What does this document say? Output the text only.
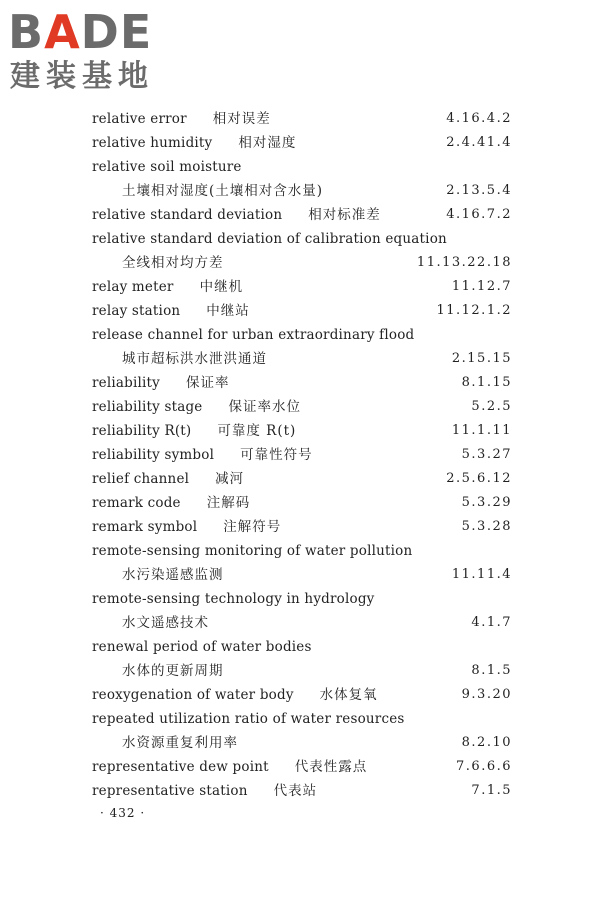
BADE
建装基地
relative error 相对误差	4.16.4.2
relative humidity 相对湿度	2.4.41.4
relative soil moisture
土壤相对湿度(土壤相对含水量)	2.13.5.4
relative standard deviation 相对标准差	4.16.7.2
relative standard deviation of calibration equation
全线相对均方差	11.13.22.18
relay meter 中继机	11.12.7
relay station 中继站	11.12.1.2
release channel for urban extraordinary flood
城市超标洪水泄洪通道	2.15.15
reliability 保证率	8.1.15
reliability stage 保证率水位	5.2.5
reliability R(t) 可靠度 R(t)	11.1.11
reliability symbol 可靠性符号	5.3.27
relief channel 减河	2.5.6.12
remark code 注解码	5.3.29
remark symbol 注解符号	5.3.28
remote-sensing monitoring of water pollution
水污染遥感监测	11.11.4
remote-sensing technology in hydrology
水文遥感技术	4.1.7
renewal period of water bodies
水体的更新周期	8.1.5
reoxygenation of water body 水体复氧	9.3.20
repeated utilization ratio of water resources
水资源重复利用率	8.2.10
representative dew point 代表性露点	7.6.6.6
representative station 代表站	7.1.5
· 432 ·
